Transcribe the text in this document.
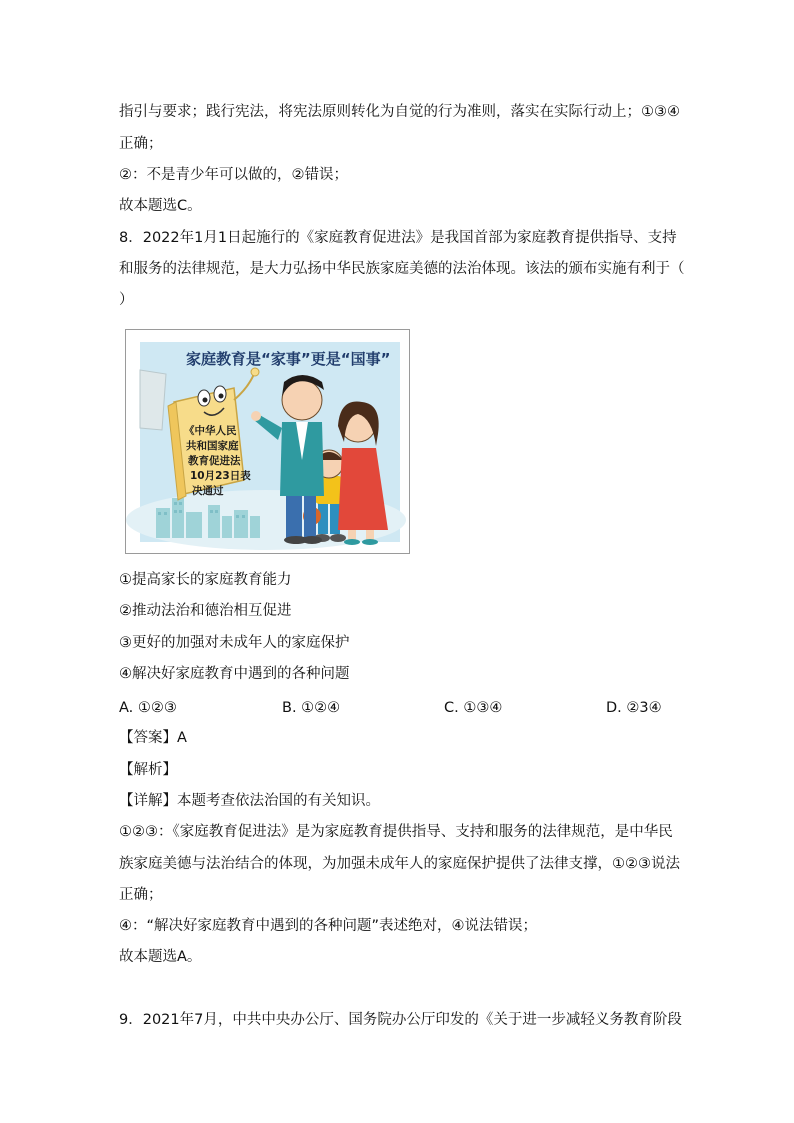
指引与要求；践行宪法，将宪法原则转化为自觉的行为准则，落实在实际行动上；①③④
正确；
②：不是青少年可以做的，②错误；
故本题选C。
8．2022年1月1日起施行的《家庭教育促进法》是我国首部为家庭教育提供指导、支持
和服务的法律规范，是大力弘扬中华民族家庭美德的法治体现。该法的颁布实施有利于（
）
家庭教育是“家事”更是“国事”
《中华人民
共和国家庭
教育促进法
10月23日表
决通过
①提高家长的家庭教育能力
②推动法治和德治相互促进
③更好的加强对未成年人的家庭保护
④解决好家庭教育中遇到的各种问题
A. ①②③	B. ①②④	C. ①③④	D. ②3④
【答案】A
【解析】
【详解】本题考查依法治国的有关知识。
①②③：《家庭教育促进法》是为家庭教育提供指导、支持和服务的法律规范，是中华民
族家庭美德与法治结合的体现，为加强未成年人的家庭保护提供了法律支撑，①②③说法
正确；
④：“解决好家庭教育中遇到的各种问题”表述绝对，④说法错误；
故本题选A。
9．2021年7月，中共中央办公厅、国务院办公厅印发的《关于进一步减轻义务教育阶段
